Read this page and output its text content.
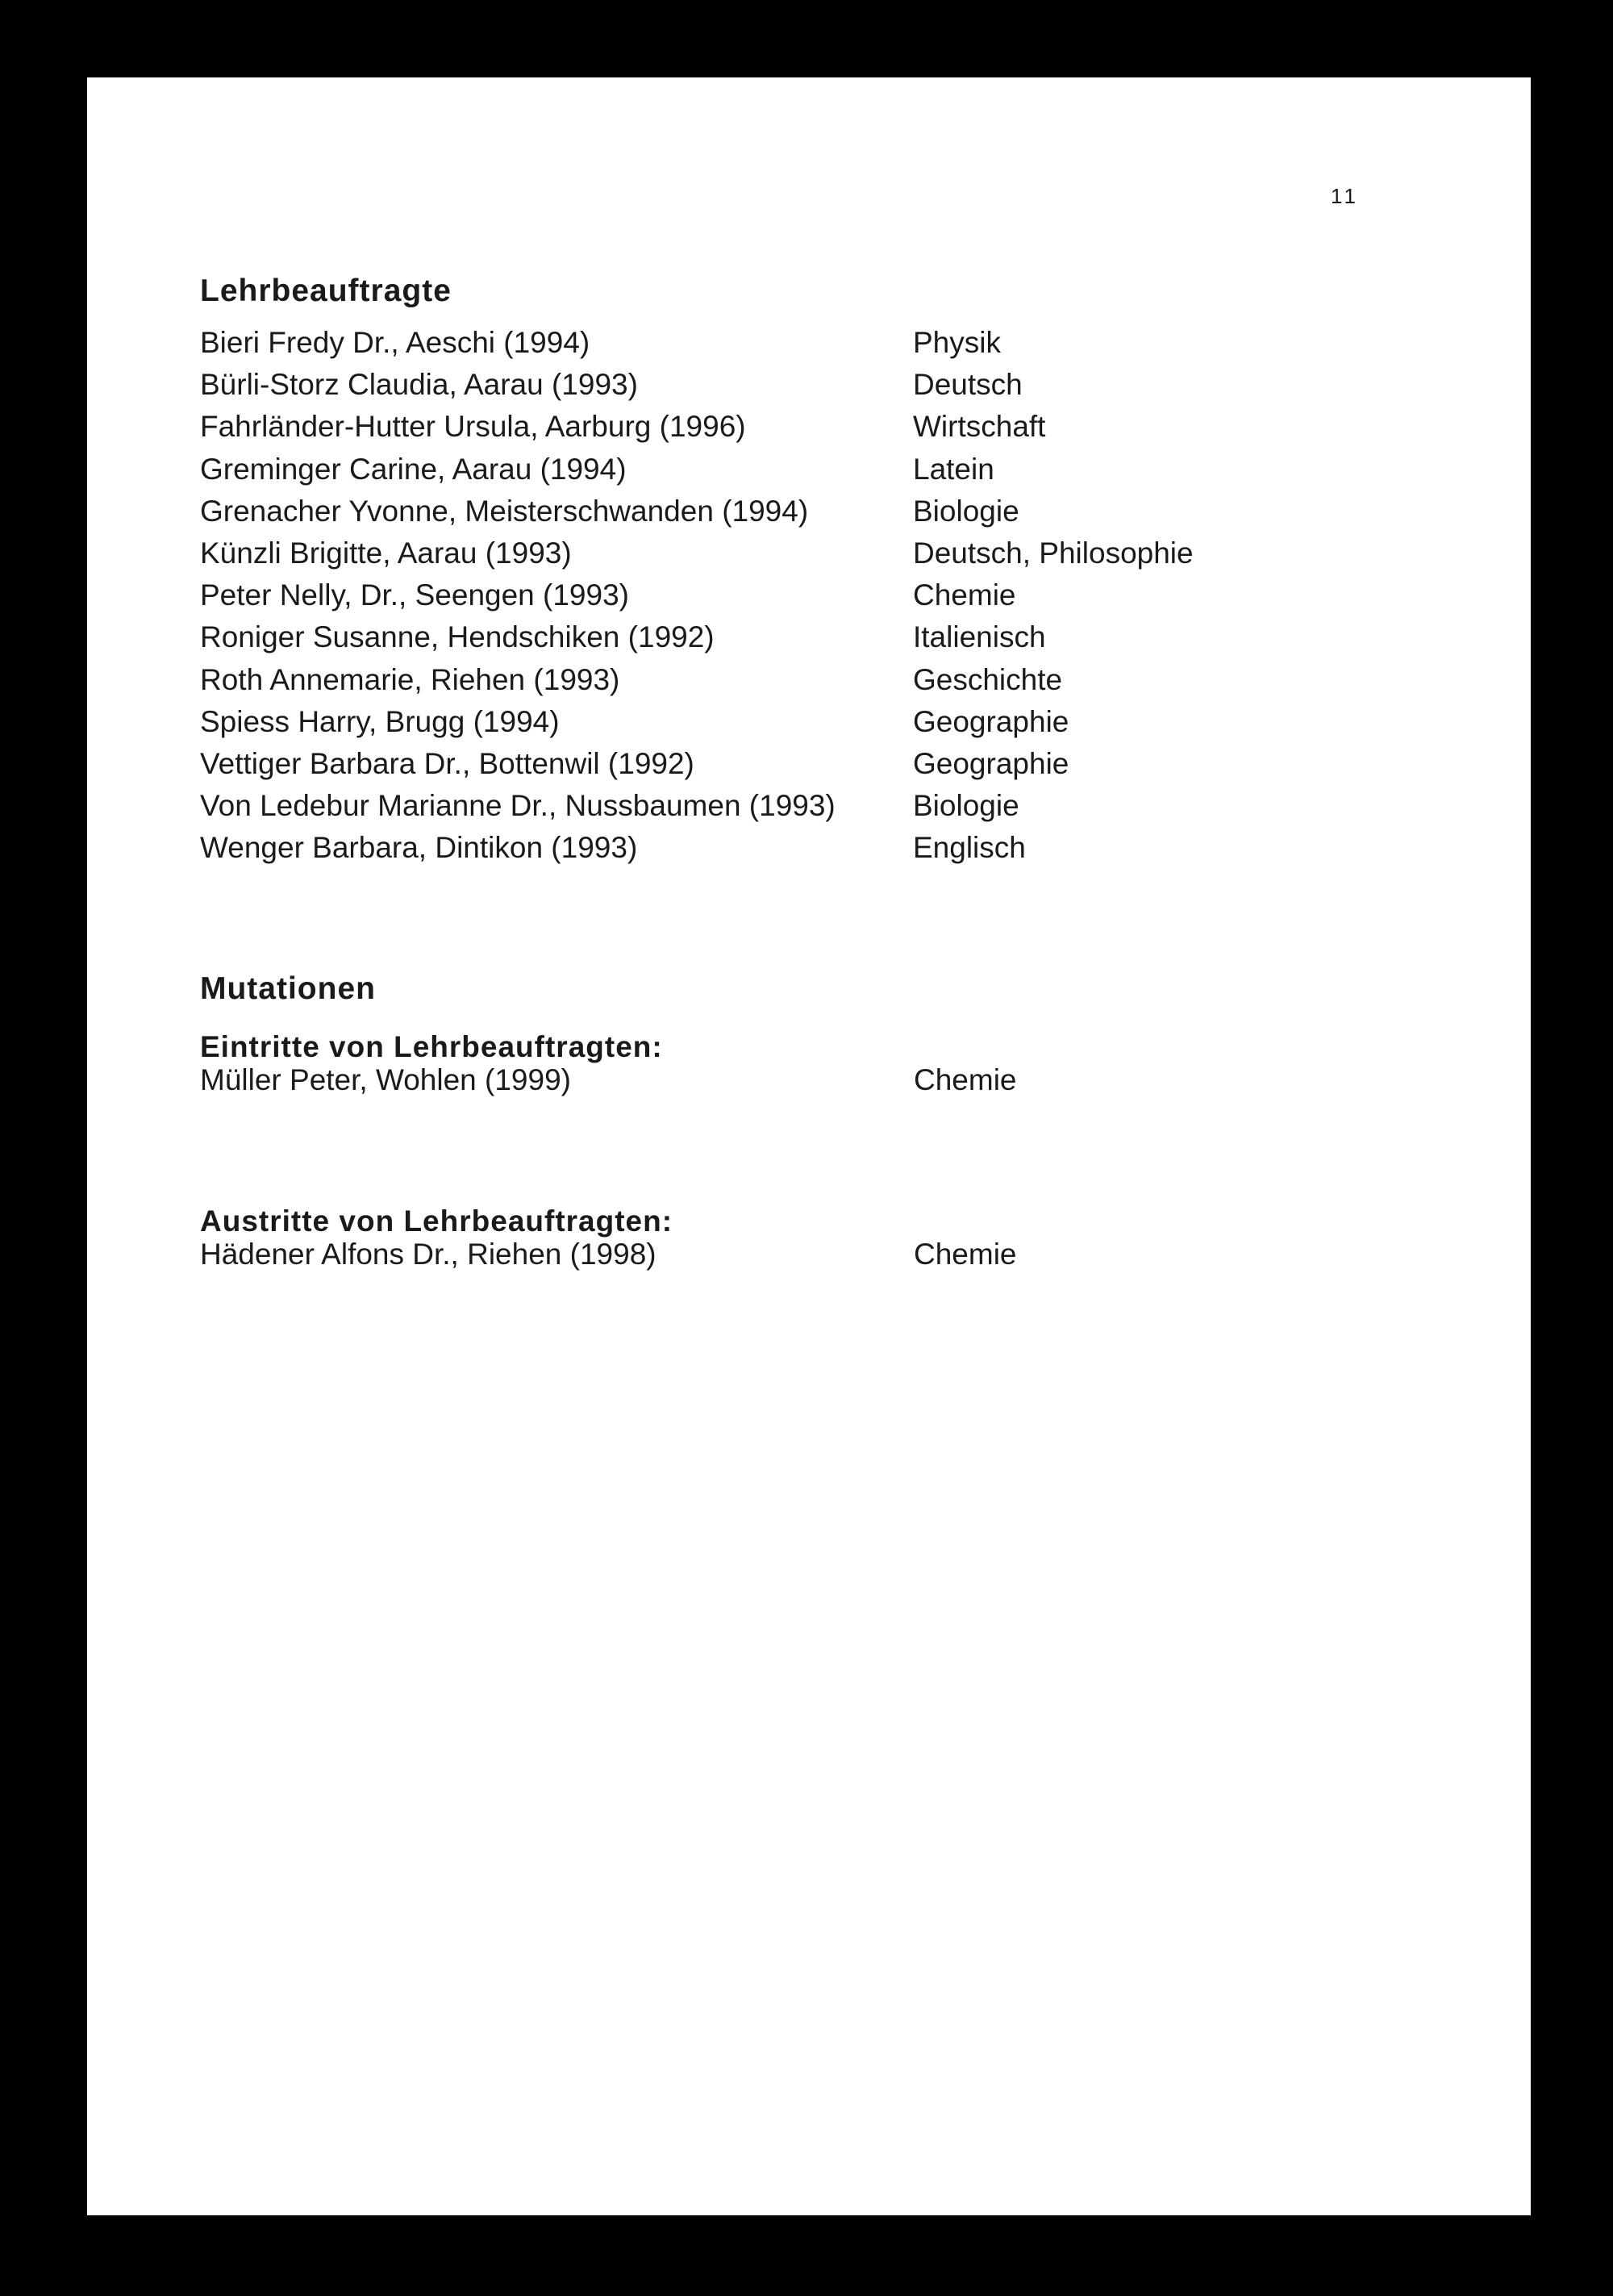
11
Lehrbeauftragte
Bieri Fredy Dr., Aeschi (1994)	Physik
Bürli-Storz Claudia, Aarau (1993)	Deutsch
Fahrländer-Hutter Ursula, Aarburg (1996)	Wirtschaft
Greminger Carine, Aarau (1994)	Latein
Grenacher Yvonne, Meisterschwanden (1994)	Biologie
Künzli Brigitte, Aarau (1993)	Deutsch, Philosophie
Peter Nelly, Dr., Seengen (1993)	Chemie
Roniger Susanne, Hendschiken (1992)	Italienisch
Roth Annemarie, Riehen (1993)	Geschichte
Spiess Harry, Brugg (1994)	Geographie
Vettiger Barbara Dr., Bottenwil (1992)	Geographie
Von Ledebur Marianne Dr., Nussbaumen (1993)	Biologie
Wenger Barbara, Dintikon (1993)	Englisch
Mutationen
Eintritte von Lehrbeauftragten:
Müller Peter, Wohlen (1999)	Chemie
Austritte von Lehrbeauftragten:
Hädener Alfons Dr., Riehen (1998)	Chemie
